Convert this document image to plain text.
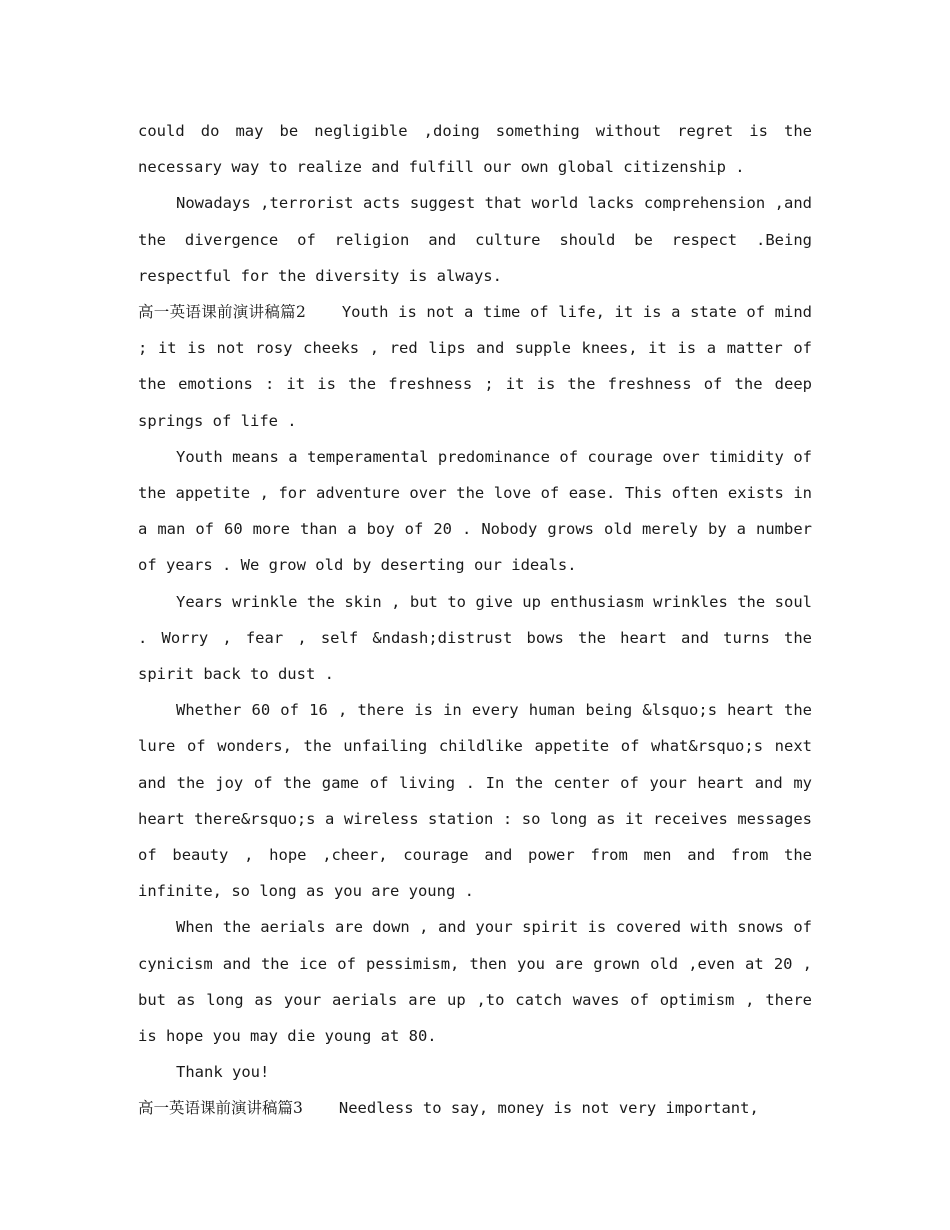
could do may be negligible ,doing something without regret is the necessary way to realize and fulfill our own global citizenship .

Nowadays ,terrorist acts suggest that world lacks comprehension ,and the divergence of religion and culture should be respect .Being respectful for the diversity is always.

高一英语课前演讲稿篇2 Youth is not a time of life, it is a state of mind ; it is not rosy cheeks , red lips and supple knees, it is a matter of the emotions : it is the freshness ; it is the freshness of the deep springs of life .

Youth means a temperamental predominance of courage over timidity of the appetite , for adventure over the love of ease. This often exists in a man of 60 more than a boy of 20 . Nobody grows old merely by a number of years . We grow old by deserting our ideals.

Years wrinkle the skin , but to give up enthusiasm wrinkles the soul . Worry , fear , self &ndash;distrust bows the heart and turns the spirit back to dust .

Whether 60 of 16 , there is in every human being &lsquo;s heart the lure of wonders, the unfailing childlike appetite of what&rsquo;s next and the joy of the game of living . In the center of your heart and my heart there&rsquo;s a wireless station : so long as it receives messages of beauty , hope ,cheer, courage and power from men and from the infinite, so long as you are young .

When the aerials are down , and your spirit is covered with snows of cynicism and the ice of pessimism, then you are grown old ,even at 20 , but as long as your aerials are up ,to catch waves of optimism , there is hope you may die young at 80.

Thank you!

高一英语课前演讲稿篇3 Needless to say, money is not very important,
